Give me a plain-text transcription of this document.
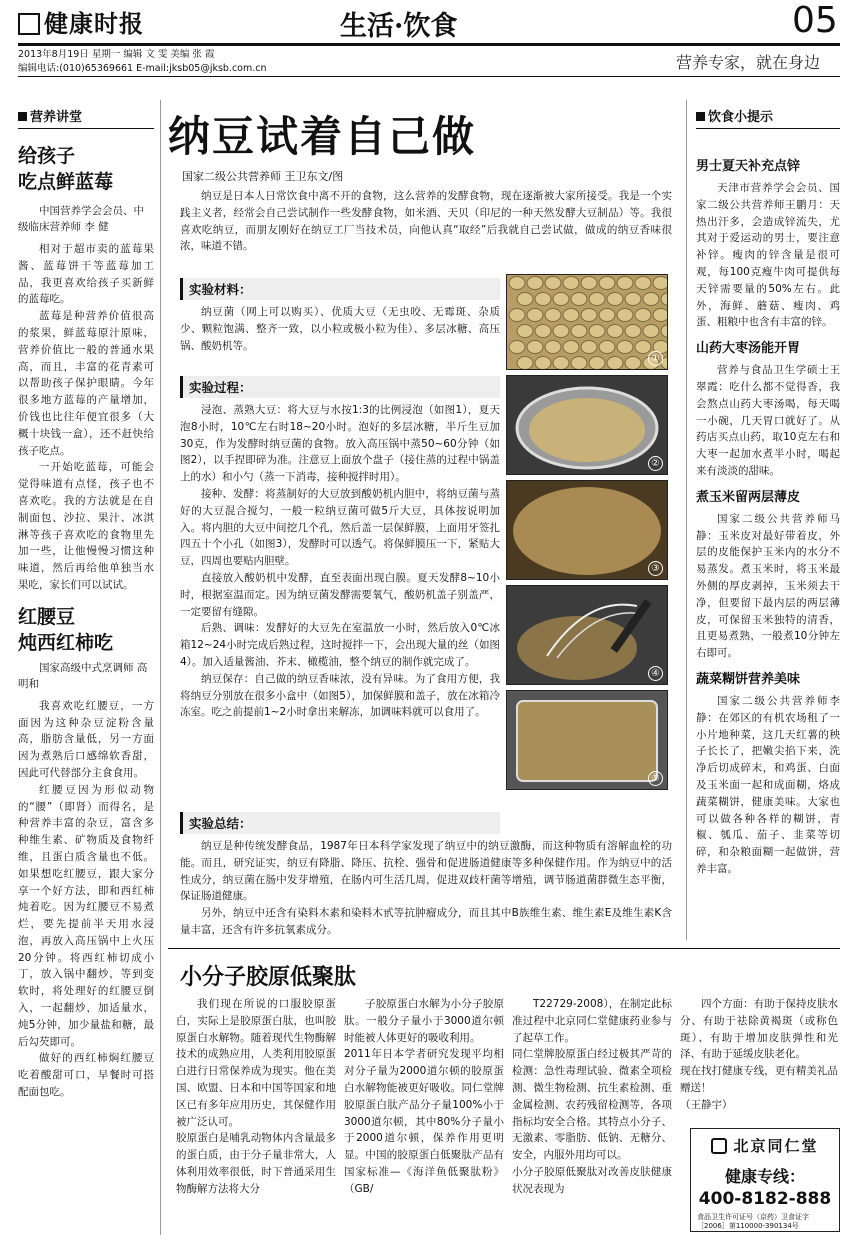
健康时报	生活·饮食	05
2013年8月19日 星期一 编辑 文 雯 美编 张 霞
编辑电话:(010)65369661 E-mail:jksb05@jksb.com.cn	营养专家，就在身边
营养讲堂
给孩子
吃点鲜蓝莓
中国营养学会会员、中级临床营养师 李 健

相对于超市卖的蓝莓果酱、蓝莓饼干等蓝莓加工品，我更喜欢给孩子买新鲜的蓝莓吃。

蓝莓是种营养价值很高的浆果，鲜蓝莓原汁原味，营养价值比一般的普通水果高，而且，丰富的花青素可以帮助孩子保护眼睛。今年很多地方蓝莓的产量增加，价钱也比往年便宜很多（大概十块钱一盒），还不赶快给孩子吃点。

一开始吃蓝莓，可能会觉得味道有点怪，孩子也不喜欢吃。我的方法就是在自制面包、沙拉、果汁、冰淇淋等孩子喜欢吃的食物里先加一些，让他慢慢习惯这种味道，然后再给他单独当水果吃，家长们可以试试。

红腰豆
炖西红柿吃
国家高级中式烹调师 高明和

我喜欢吃红腰豆，一方面因为这种杂豆淀粉含量高，脂肪含量低，另一方面因为煮熟后口感绵软香甜，因此可代替部分主食食用。

红腰豆因为形似动物的“腰”（即肾）而得名，是种营养丰富的杂豆，富含多种维生素、矿物质及食物纤维，且蛋白质含量也不低。如果想吃红腰豆，跟大家分享一个好方法，即和西红柿炖着吃。因为红腰豆不易煮烂，要先提前半天用水浸泡，再放入高压锅中上火压20分钟。将西红柿切成小丁，放入锅中翻炒，等到变软时，将处理好的红腰豆倒入，一起翻炒，加适量水，炖5分钟，加少量盐和糖，最后勾芡即可。

做好的西红柿焖红腰豆吃着酸甜可口，早餐时可搭配面包吃。

纳豆试着自己做
国家二级公共营养师 王卫东文/图

纳豆是日本人日常饮食中离不开的食物，这么营养的发酵食物，现在逐渐被大家所接受。我是一个实践主义者，经常会自己尝试制作一些发酵食物，如米酒、天贝（印尼的一种天然发酵大豆制品）等。我很喜欢吃纳豆，而朋友刚好在纳豆工厂当技术员，向他认真“取经”后我就自己尝试做，做成的纳豆香味很浓，味道不错。

实验材料：

纳豆菌（网上可以购买）、优质大豆（无虫咬、无霉斑、杂质少、颗粒饱满、整齐一致，以小粒或极小粒为佳）、多层冰糖、高压锅、酸奶机等。

实验过程：

浸泡、蒸熟大豆：将大豆与水按1:3的比例浸泡（如图1），夏天泡8小时，10℃左右时18~20小时。泡好的多层冰糖，半斤生豆加30克，作为发酵时纳豆菌的食物。放入高压锅中蒸50~60分钟（如图2），以手捏即碎为准。注意豆上面放个盘子（接住蒸的过程中锅盖上的水）和小勺（蒸一下消毒，接种搅拌时用）。

接种、发酵：将蒸制好的大豆放到酸奶机内胆中，将纳豆菌与蒸好的大豆混合搅匀，一般一粒纳豆菌可做5斤大豆，具体按说明加入。将内胆的大豆中间挖几个孔，然后盖一层保鲜膜，上面用牙签扎四五十个小孔（如图3），发酵时可以透气。将保鲜膜压一下，紧贴大豆，四周也要贴内胆壁。

直接放入酸奶机中发酵，直至表面出现白膜。夏天发酵8~10小时，根据室温而定。因为纳豆菌发酵需要氧气，酸奶机盖子别盖严，一定要留有缝隙。

后熟、调味：发酵好的大豆先在室温放一小时，然后放入0℃冰箱12~24小时完成后熟过程，这时搅拌一下，会出现大量的丝（如图4）。加入适量酱油、芥末、橄榄油，整个纳豆的制作就完成了。

纳豆保存：自己做的纳豆香味浓，没有异味。为了食用方便，我将纳豆分别放在很多小盒中（如图5），加保鲜膜和盖子，放在冰箱冷冻室。吃之前提前1~2小时拿出来解冻，加调味料就可以食用了。

①
②
③
④
⑤
实验总结：

纳豆是种传统发酵食品，1987年日本科学家发现了纳豆中的纳豆激酶，而这种物质有溶解血栓的功能。而且，研究证实，纳豆有降脂、降压、抗栓、强骨和促进肠道健康等多种保健作用。作为纳豆中的活性成分，纳豆菌在肠中发芽增殖，在肠内可生活几周，促进双歧杆菌等增殖，调节肠道菌群微生态平衡，保证肠道健康。

另外，纳豆中还含有染料木素和染料木甙等抗肿瘤成分，而且其中B族维生素、维生素E及维生素K含量丰富，还含有许多抗氧素成分。

饮食小提示
男士夏天补充点锌

天津市营养学会会员、国家二级公共营养师王鹏月：天热出汗多，会造成锌流失，尤其对于爱运动的男士，要注意补锌。瘦肉的锌含量是很可观，每100克瘦牛肉可提供每天锌需要量的50%左右。此外，海鲜、蘑菇、瘦肉、鸡蛋、粗粮中也含有丰富的锌。

山药大枣汤能开胃

营养与食品卫生学硕士王翠霞：吃什么都不觉得香，我会熬点山药大枣汤喝，每天喝一小碗，几天胃口就好了。从药店买点山药，取10克左右和大枣一起加水煮半小时，喝起来有淡淡的甜味。

煮玉米留两层薄皮

国家二级公共营养师马静：玉米皮对最好带着皮，外层的皮能保护玉米内的水分不易蒸发。煮玉米时，将玉米最外侧的厚皮剥掉，玉米须去干净，但要留下最内层的两层薄皮，可保留玉米独特的清香，且更易煮熟，一般煮10分钟左右即可。

蔬菜糊饼营养美味

国家二级公共营养师李静：在郊区的有机农场租了一小片地种菜，这几天红薯的秧子长长了，把嫩尖掐下来，洗净后切成碎末，和鸡蛋、白面及玉米面一起和成面糊，烙成蔬菜糊饼，健康美味。大家也可以做各种各样的糊饼，青椒、瓠瓜、茄子、韭菜等切碎，和杂粮面糊一起做饼，营养丰富。

小分子胶原低聚肽

我们现在所说的口服胶原蛋白，实际上是胶原蛋白肽，也叫胶原蛋白水解物。随着现代生物酶解技术的成熟应用，人类利用胶原蛋白进行日常保养成为现实。他在美国、欧盟、日本和中国等国家和地区已有多年应用历史，其保健作用被广泛认可。
胶原蛋白是哺乳动物体内含量最多的蛋白质，由于分子量非常大，人体利用效率很低，时下普通采用生物酶解方法将大分

子胶原蛋白水解为小分子胶原肽。一般分子量小于3000道尔顿时能被人体更好的吸收利用。
2011年日本学者研究发现平均相对分子量为2000道尔顿的胶原蛋白水解物能被更好吸收。同仁堂牌胶原蛋白肽产品分子量100%小于3000道尔顿，其中80%分子量小于2000道尔顿，保养作用更明显。中国的胶原蛋白低聚肽产品有国家标准—《海洋鱼低聚肽粉》（GB/

T22729-2008），在制定此标准过程中北京同仁堂健康药业参与了起草工作。
同仁堂牌胶原蛋白经过极其严苛的检测：急性毒理试验、微素全项检测、微生物检测、抗生素检测、重金属检测、农药残留检测等，各项指标均安全合格。其特点小分子、无激素、零脂肪、低钠、无糖分、安全，内服外用均可以。
小分子胶原低聚肽对改善皮肤健康状况表现为

四个方面：有助于保持皮肤水分、有助于祛除黄褐斑（或称色斑）、有助于增加皮肤弹性和光泽、有助于延缓皮肤老化。
现在找打健康专线，更有精美礼品赠送！
（王静宇）

北京同仁堂
健康专线：
400-8182-888
食品卫生许可证号（京药）卫食证字［2006］第110000-390134号
